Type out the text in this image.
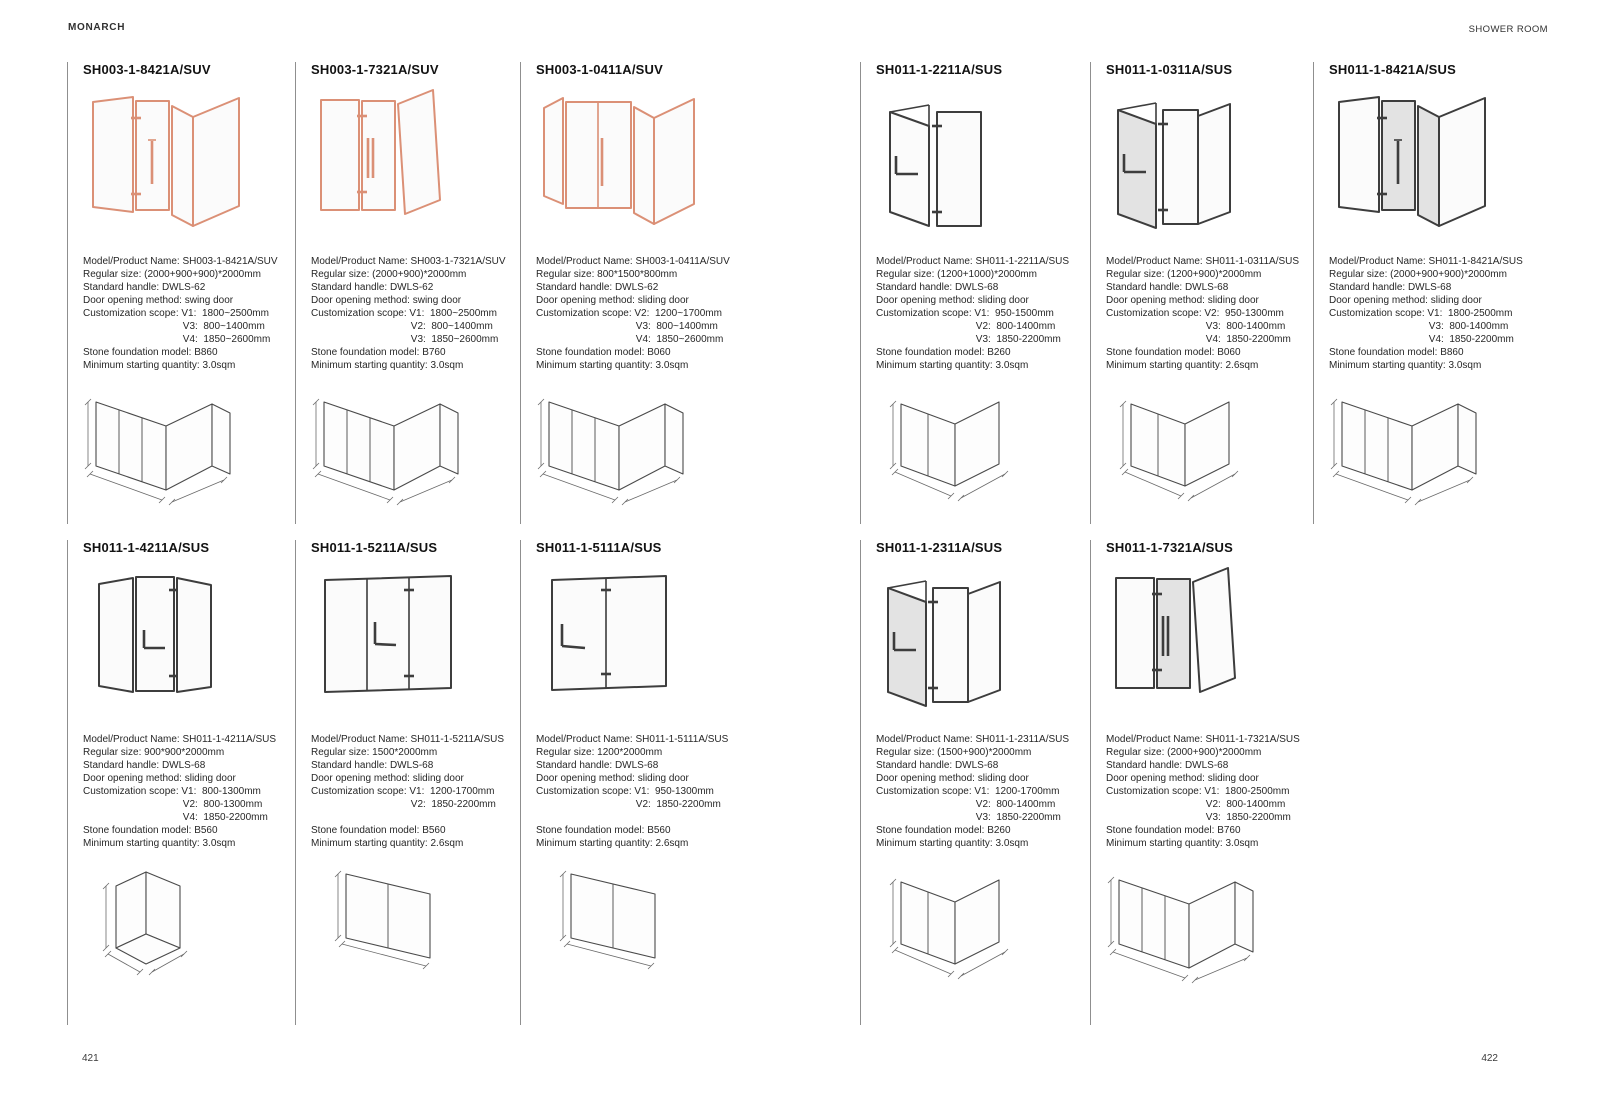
MONARCH	SHOWER ROOM
SH003-1-8421A/SUV
Model/Product Name: SH003-1-8421A/SUV
Regular size: (2000+900+900)*2000mm
Standard handle: DWLS-62
Door opening method: swing door
Customization scope: V1:  1800~2500mm
V3:  800~1400mm
V4:  1850~2600mm
Stone foundation model: B860
Minimum starting quantity: 3.0sqm
SH003-1-7321A/SUV
Model/Product Name: SH003-1-7321A/SUV
Regular size: (2000+900)*2000mm
Standard handle: DWLS-62
Door opening method: swing door
Customization scope: V1:  1800~2500mm
V2:  800~1400mm
V3:  1850~2600mm
Stone foundation model: B760
Minimum starting quantity: 3.0sqm
SH003-1-0411A/SUV
Model/Product Name: SH003-1-0411A/SUV
Regular size: 800*1500*800mm
Standard handle: DWLS-62
Door opening method: sliding door
Customization scope: V2:  1200~1700mm
V3:  800~1400mm
V4:  1850~2600mm
Stone foundation model: B060
Minimum starting quantity: 3.0sqm
SH011-1-2211A/SUS
Model/Product Name: SH011-1-2211A/SUS
Regular size: (1200+1000)*2000mm
Standard handle: DWLS-68
Door opening method: sliding door
Customization scope: V1:  950-1500mm
V2:  800-1400mm
V3:  1850-2200mm
Stone foundation model: B260
Minimum starting quantity: 3.0sqm
SH011-1-0311A/SUS
Model/Product Name: SH011-1-0311A/SUS
Regular size: (1200+900)*2000mm
Standard handle: DWLS-68
Door opening method: sliding door
Customization scope: V2:  950-1300mm
V3:  800-1400mm
V4:  1850-2200mm
Stone foundation model: B060
Minimum starting quantity: 2.6sqm
SH011-1-8421A/SUS
Model/Product Name: SH011-1-8421A/SUS
Regular size: (2000+900+900)*2000mm
Standard handle: DWLS-68
Door opening method: sliding door
Customization scope: V1:  1800-2500mm
V3:  800-1400mm
V4:  1850-2200mm
Stone foundation model: B860
Minimum starting quantity: 3.0sqm
SH011-1-4211A/SUS
Model/Product Name: SH011-1-4211A/SUS
Regular size: 900*900*2000mm
Standard handle: DWLS-68
Door opening method: sliding door
Customization scope: V1:  800-1300mm
V2:  800-1300mm
V4:  1850-2200mm
Stone foundation model: B560
Minimum starting quantity: 3.0sqm
SH011-1-5211A/SUS
Model/Product Name: SH011-1-5211A/SUS
Regular size: 1500*2000mm
Standard handle: DWLS-68
Door opening method: sliding door
Customization scope: V1:  1200-1700mm
V2:  1850-2200mm

Stone foundation model: B560
Minimum starting quantity: 2.6sqm
SH011-1-5111A/SUS
Model/Product Name: SH011-1-5111A/SUS
Regular size: 1200*2000mm
Standard handle: DWLS-68
Door opening method: sliding door
Customization scope: V1:  950-1300mm
V2:  1850-2200mm

Stone foundation model: B560
Minimum starting quantity: 2.6sqm
SH011-1-2311A/SUS
Model/Product Name: SH011-1-2311A/SUS
Regular size: (1500+900)*2000mm
Standard handle: DWLS-68
Door opening method: sliding door
Customization scope: V1:  1200-1700mm
V2:  800-1400mm
V3:  1850-2200mm
Stone foundation model: B260
Minimum starting quantity: 3.0sqm
SH011-1-7321A/SUS
Model/Product Name: SH011-1-7321A/SUS
Regular size: (2000+900)*2000mm
Standard handle: DWLS-68
Door opening method: sliding door
Customization scope: V1:  1800-2500mm
V2:  800-1400mm
V3:  1850-2200mm
Stone foundation model: B760
Minimum starting quantity: 3.0sqm
421	422
